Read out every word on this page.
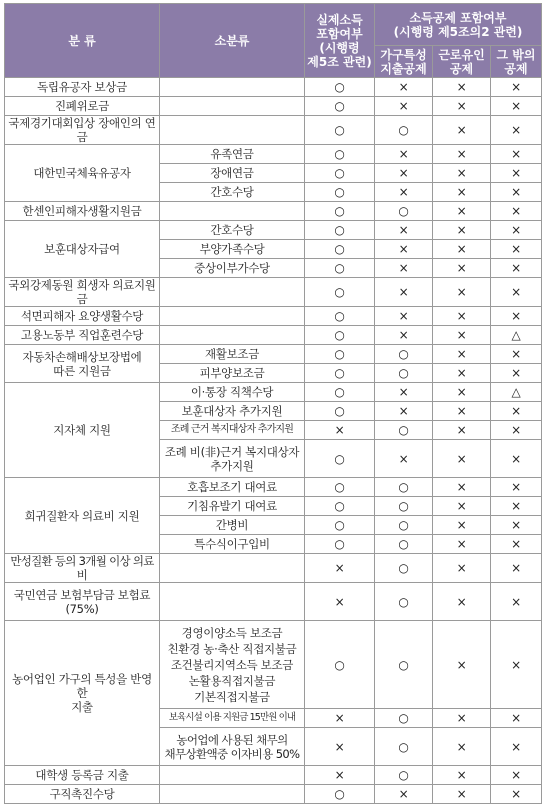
분 류	소분류	실제소득
포함여부
(시행령
제5조 관련)	소득공제 포함여부
(시행령 제5조의2 관련)		
			가구특성
지출공제	근로유인
공제	그 밖의
공제
독립유공자 보상금		○	×	×	×
진폐위로금		○	×	×	×
국제경기대회입상 장애인의 연금		○	○	×	×
대한민국체육유공자	유족연금	○	×	×	×
	장애연금	○	×	×	×
	간호수당	○	×	×	×
한센인피해자생활지원금		○	○	×	×
보훈대상자급여	간호수당	○	×	×	×
	부양가족수당	○	×	×	×
	중상이부가수당	○	×	×	×
국외강제동원 희생자 의료지원금		○	×	×	×
석면피해자 요양생활수당		○	×	×	×
고용노동부 직업훈련수당		○	×	×	△
자동차손해배상보장법에
따른 지원금	재활보조금	○	○	×	×
	피부양보조금	○	○	×	×
지자체 지원	이·통장 직책수당	○	×	×	△
	보훈대상자 추가지원	○	×	×	×
	조례 근거 복지대상자 추가지원	×	○	×	×
	조례 비(非)근거 복지대상자
추가지원	○	×	×	×
희귀질환자 의료비 지원	호흡보조기 대여료	○	○	×	×
	기침유발기 대여료	○	○	×	×
	간병비	○	○	×	×
	특수식이구입비	○	○	×	×
만성질환 등의 3개월 이상 의료비		×	○	×	×
국민연금 보험부담금 보험료
(75%)		×	○	×	×
농어업인 가구의 특성을 반영한
지출	경영이양소득 보조금
친환경 농·축산 직접지불금
조건불리지역소득 보조금
논활용직접지불금
기본직접지불금	○	○	×	×
	보육시설 이용 지원금 15만원 이내	×	○	×	×
	농어업에 사용된 채무의
채무상환액중 이자비용 50%	×	○	×	×
대학생 등록금 지출		×	○	×	×
구직촉진수당		○	×	×	×
